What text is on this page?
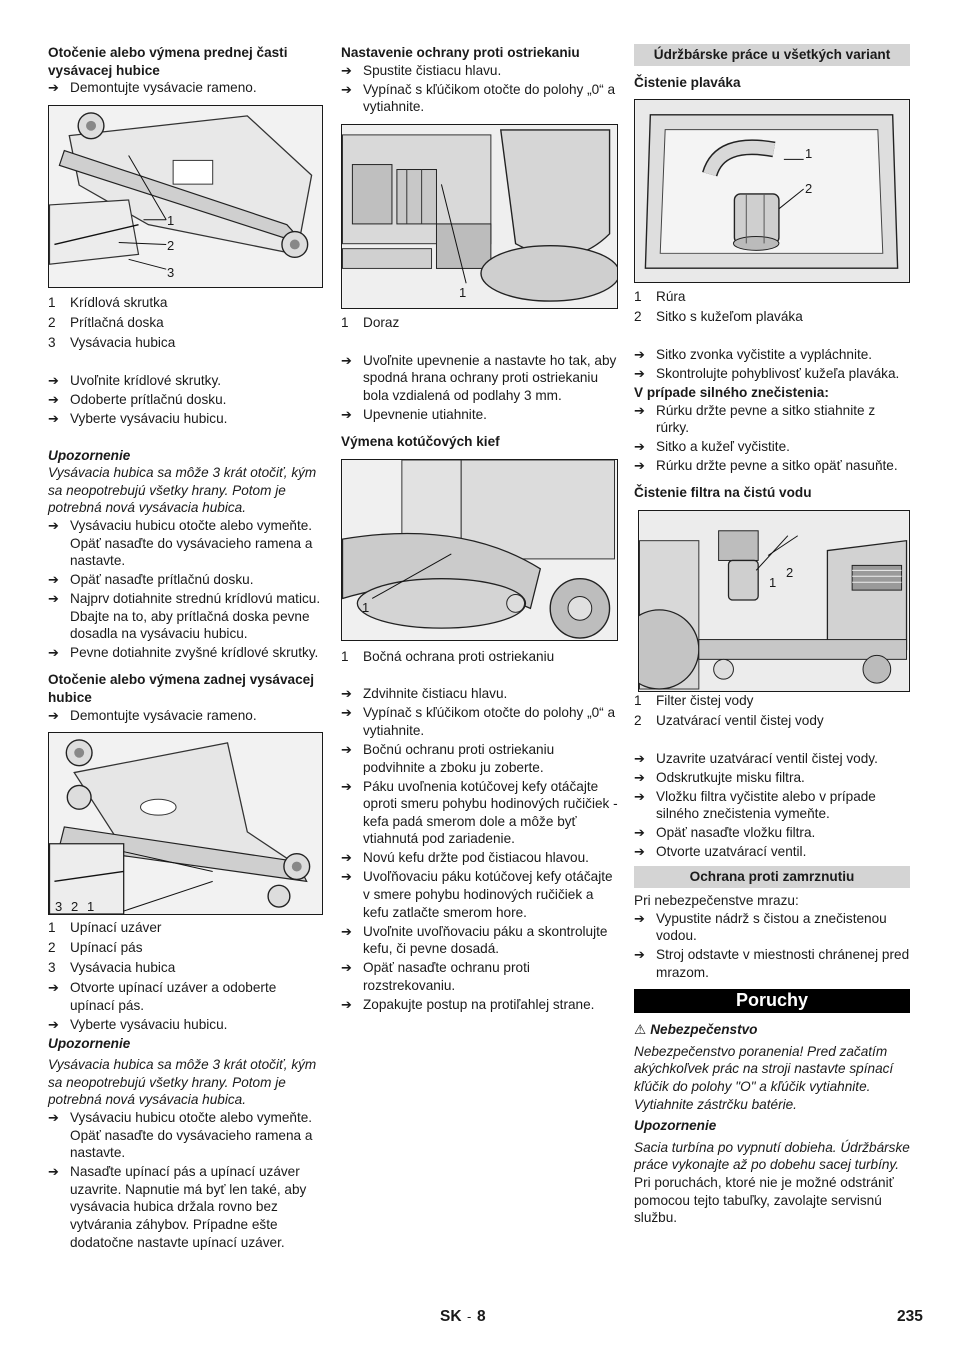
Otočenie alebo výmena prednej časti vysávacej hubice

➔ Demontujte vysávacie rameno.
1
2
3
1	Krídlová skrutka
2	Prítlačná doska
3	Vysávacia hubica
➔ Uvoľnite krídlové skrutky.
➔ Odoberte prítlačnú dosku.
➔ Vyberte vysávaciu hubicu.

Upozornenie

Vysávacia hubica sa môže 3 krát otočiť, kým sa neopotrebujú všetky hrany. Potom je potrebná nová vysávacia hubica.

➔ Vysávaciu hubicu otočte alebo vymeňte. Opäť nasaďte do vysávacieho ramena a nastavte.
➔ Opäť nasaďte prítlačnú dosku.
➔ Najprv dotiahnite strednú krídlovú maticu. Dbajte na to, aby prítlačná doska pevne dosadla na vysávaciu hubicu.
➔ Pevne dotiahnite zvyšné krídlové skrutky.

Otočenie alebo výmena zadnej vysávacej hubice

➔ Demontujte vysávacie rameno.
3 2 1
1	Upínací uzáver
2	Upínací pás
3	Vysávacia hubica
➔ Otvorte upínací uzáver a odoberte upínací pás.
➔ Vyberte vysávaciu hubicu.

Upozornenie

Vysávacia hubica sa môže 3 krát otočiť, kým sa neopotrebujú všetky hrany. Potom je potrebná nová vysávacia hubica.

➔ Vysávaciu hubicu otočte alebo vymeňte. Opäť nasaďte do vysávacieho ramena a nastavte.
➔ Nasaďte upínací pás a upínací uzáver uzavrite. Napnutie má byť len také, aby vysávacia hubica držala rovno bez vytvárania záhybov. Prípadne ešte dodatočne nastavte upínací uzáver.

Nastavenie ochrany proti ostriekaniu

➔ Spustite čistiacu hlavu.
➔ Vypínač s kľúčikom otočte do polohy „0“ a vytiahnite.
1
1	Doraz
➔ Uvoľnite upevnenie a nastavte ho tak, aby spodná hrana ochrany proti ostriekaniu bola vzdialená od podlahy 3 mm.
➔ Upevnenie utiahnite.

Výmena kotúčových kief

1
1	Bočná ochrana proti ostriekaniu
➔ Zdvihnite čistiacu hlavu.
➔ Vypínač s kľúčikom otočte do polohy „0“ a vytiahnite.
➔ Bočnú ochranu proti ostriekaniu podvihnite a zboku ju zoberte.
➔ Páku uvoľnenia kotúčovej kefy otáčajte oproti smeru pohybu hodinových ručičiek - kefa padá smerom dole a môže byť vtiahnutá pod zariadenie.
➔ Novú kefu držte pod čistiacou hlavou.
➔ Uvoľňovaciu páku kotúčovej kefy otáčajte v smere pohybu hodinových ručičiek a kefu zatlačte smerom hore.
➔ Uvoľnite uvoľňovaciu páku a skontrolujte kefu, či pevne dosadá.
➔ Opäť nasaďte ochranu proti rozstrekovaniu.
➔ Zopakujte postup na protiľahlej strane.

Údržbárske práce u všetkých variant

Čistenie plaváka

1
2
1	Rúra
2	Sitko s kužeľom plaváka
➔ Sitko zvonka vyčistite a vypláchnite.
➔ Skontrolujte pohyblivosť kužeľa plaváka.

V prípade silného znečistenia:

➔ Rúrku držte pevne a sitko stiahnite z rúrky.
➔ Sitko a kužeľ vyčistite.
➔ Rúrku držte pevne a sitko opäť nasuňte.

Čistenie filtra na čistú vodu

1
2
1	Filter čistej vody
2	Uzatvárací ventil čistej vody
➔ Uzavrite uzatvárací ventil čistej vody.
➔ Odskrutkujte misku filtra.
➔ Vložku filtra vyčistite alebo v prípade silného znečistenia vymeňte.
➔ Opäť nasaďte vložku filtra.
➔ Otvorte uzatvárací ventil.

Ochrana proti zamrznutiu

Pri nebezpečenstve mrazu:

➔ Vypustite nádrž s čistou a znečistenou vodou.
➔ Stroj odstavte v miestnosti chránenej pred mrazom.
Poruchy

⚠ Nebezpečenstvo

Nebezpečenstvo poranenia! Pred začatím akýchkoľvek prác na stroji nastavte spínací kľúčik do polohy "O" a kľúčik vytiahnite. Vytiahnite zástrčku batérie.

Upozornenie

Sacia turbína po vypnutí dobieha. Údržbárske práce vykonajte až po dobehu sacej turbíny.

Pri poruchách, ktoré nie je možné odstrániť pomocou tejto tabuľky, zavolajte servisnú službu.

SK - 8	235
